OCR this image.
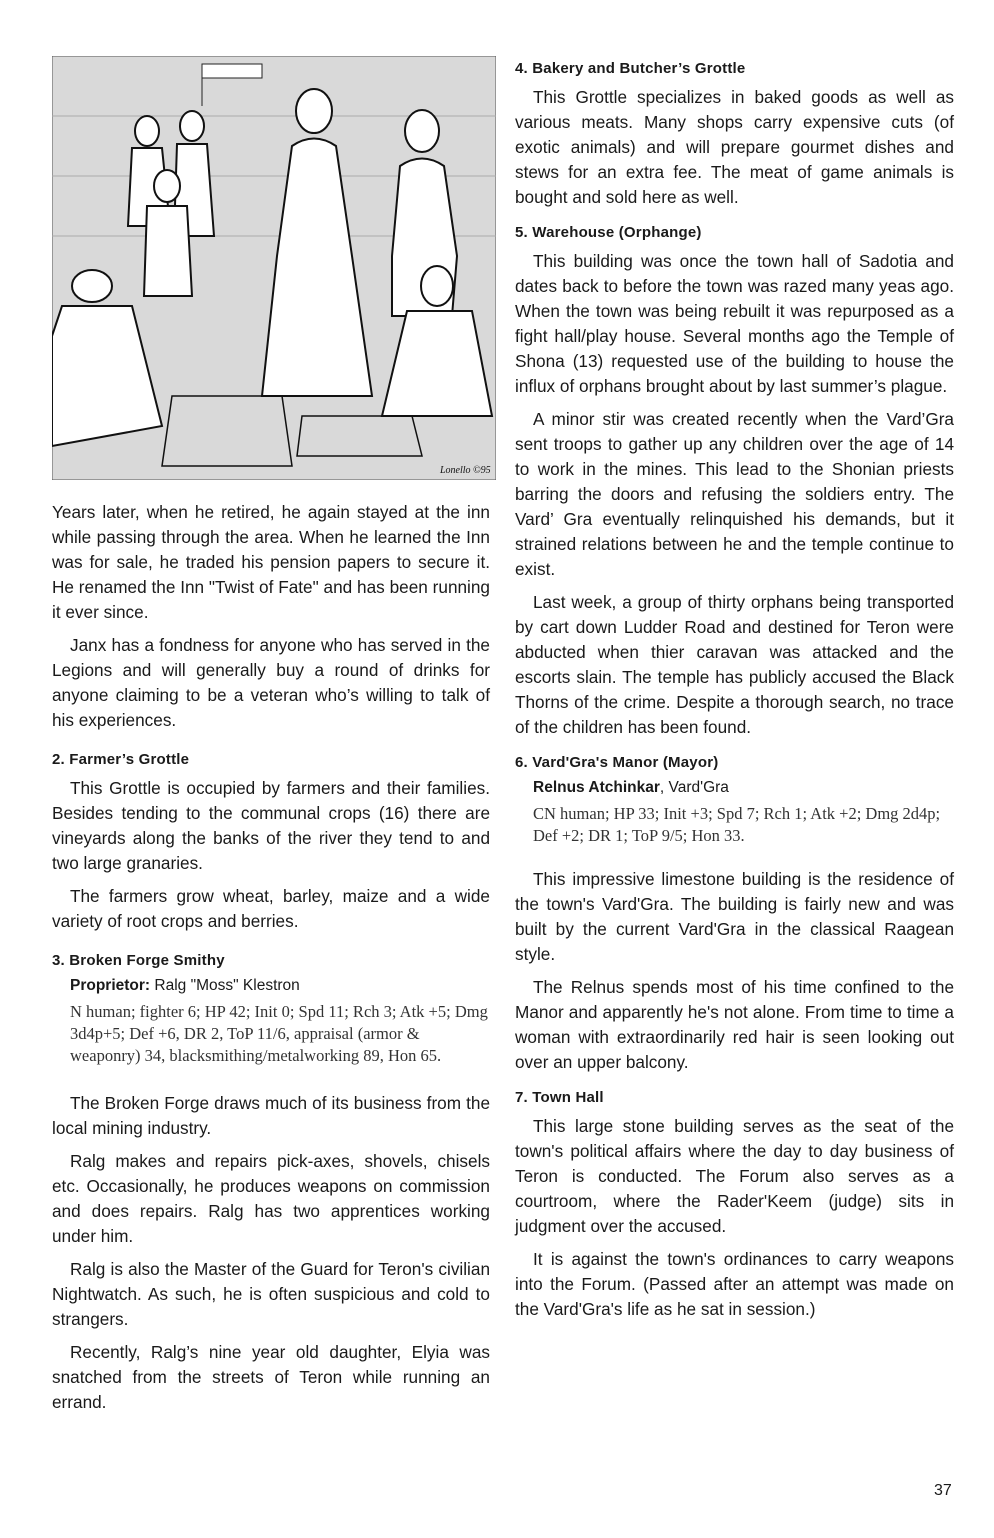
Lonello ©95

Years later, when he retired, he again stayed at the inn while passing through the area. When he learned the Inn was for sale, he traded his pension papers to secure it. He renamed the Inn "Twist of Fate" and has been running it ever since.

Janx has a fondness for anyone who has served in the Legions and will generally buy a round of drinks for anyone claiming to be a veteran who’s willing to talk of his experiences.

2. Farmer’s Grottle

This Grottle is occupied by farmers and their families. Besides tending to the communal crops (16) there are vineyards along the banks of the river they tend to and two large granaries.

The farmers grow wheat, barley, maize and a wide variety of root crops and berries.

3. Broken Forge Smithy
Proprietor: Ralg "Moss" Klestron
N human; fighter 6; HP 42; Init 0; Spd 11; Rch 3; Atk +5; Dmg 3d4p+5; Def +6, DR 2, ToP 11/6, appraisal (armor & weaponry) 34, blacksmithing/metalworking 89, Hon 65.

The Broken Forge draws much of its business from the local mining industry.

Ralg makes and repairs pick-axes, shovels, chisels etc. Occasionally, he produces weapons on commission and does repairs. Ralg has two apprentices working under him.

Ralg is also the Master of the Guard for Teron's civilian Nightwatch. As such, he is often suspicious and cold to strangers.

Recently, Ralg’s nine year old daughter, Elyia was snatched from the streets of Teron while running an errand.

4. Bakery and Butcher’s Grottle

This Grottle specializes in baked goods as well as various meats. Many shops carry expensive cuts (of exotic animals) and will prepare gourmet dishes and stews for an extra fee. The meat of game animals is bought and sold here as well.

5. Warehouse (Orphange)

This building was once the town hall of Sadotia and dates back to before the town was razed many yeas ago. When the town was being rebuilt it was repurposed as a fight hall/play house. Several months ago the Temple of Shona (13) requested use of the building to house the influx of orphans brought about by last summer’s plague.

A minor stir was created recently when the Vard’Gra sent troops to gather up any children over the age of 14 to work in the mines. This lead to the Shonian priests barring the doors and refusing the soldiers entry. The Vard’ Gra eventually relinquished his demands, but it strained relations between he and the temple continue to exist.

Last week, a group of thirty orphans being transported by cart down Ludder Road and destined for Teron were abducted when thier caravan was attacked and the escorts slain. The temple has publicly accused the Black Thorns of the crime. Despite a thorough search, no trace of the children has been found.

6. Vard'Gra's Manor (Mayor)
Relnus Atchinkar, Vard'Gra
CN human; HP 33; Init +3; Spd 7; Rch 1; Atk +2; Dmg 2d4p; Def +2; DR 1; ToP 9/5; Hon 33.

This impressive limestone building is the residence of the town's Vard'Gra. The building is fairly new and was built by the current Vard'Gra in the classical Raagean style.

The Relnus spends most of his time confined to the Manor and apparently he's not alone. From time to time a woman with extraordinarily red hair is seen looking out over an upper balcony.

7. Town Hall

This large stone building serves as the seat of the town's political affairs where the day to day business of Teron is conducted. The Forum also serves as a courtroom, where the Rader'Keem (judge) sits in judgment over the accused.

It is against the town's ordinances to carry weapons into the Forum. (Passed after an attempt was made on the Vard'Gra's life as he sat in session.)

37
